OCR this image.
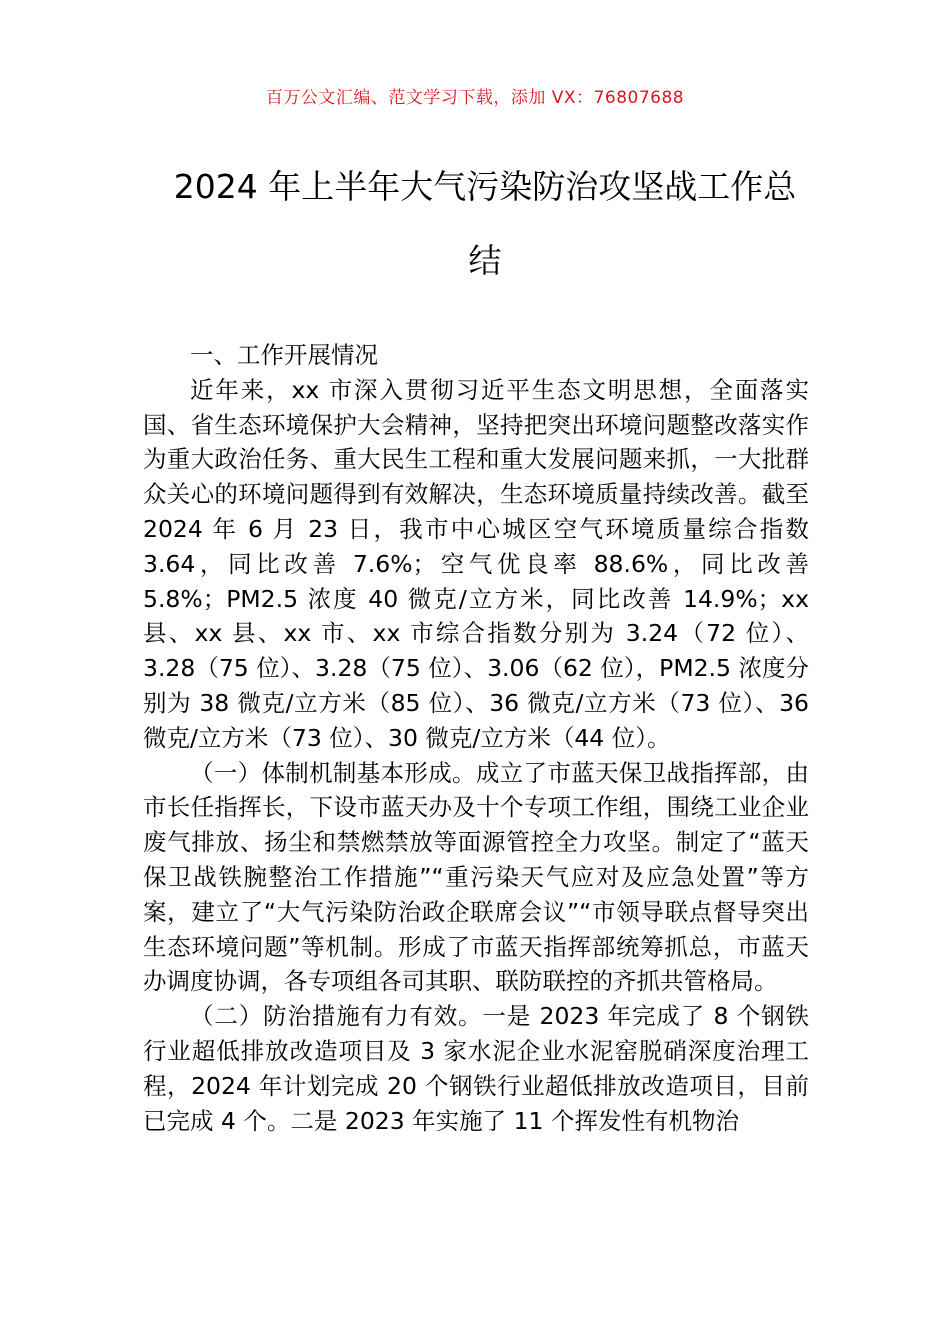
百万公文汇编、范文学习下载，添加 VX：76807688
2024 年上半年大气污染防治攻坚战工作总
结

一、工作开展情况

近年来，xx 市深入贯彻习近平生态文明思想，全面落实国、省生态环境保护大会精神，坚持把突出环境问题整改落实作为重大政治任务、重大民生工程和重大发展问题来抓，一大批群众关心的环境问题得到有效解决，生态环境质量持续改善。截至 2024 年 6 月 23 日，我市中心城区空气环境质量综合指数 3.64，同比改善 7.6%；空气优良率 88.6%，同比改善 5.8%；PM2.5 浓度 40 微克/立方米，同比改善 14.9%；xx 县、xx 县、xx 市、xx 市综合指数分别为 3.24（72 位）、3.28（75 位）、3.28（75 位）、3.06（62 位），PM2.5 浓度分别为 38 微克/立方米（85 位）、36 微克/立方米（73 位）、36 微克/立方米（73 位）、30 微克/立方米（44 位）。

（一）体制机制基本形成。成立了市蓝天保卫战指挥部，由市长任指挥长，下设市蓝天办及十个专项工作组，围绕工业企业废气排放、扬尘和禁燃禁放等面源管控全力攻坚。制定了“蓝天保卫战铁腕整治工作措施”“重污染天气应对及应急处置”等方案，建立了“大气污染防治政企联席会议”“市领导联点督导突出生态环境问题”等机制。形成了市蓝天指挥部统筹抓总，市蓝天办调度协调，各专项组各司其职、联防联控的齐抓共管格局。

（二）防治措施有力有效。一是 2023 年完成了 8 个钢铁行业超低排放改造项目及 3 家水泥企业水泥窑脱硝深度治理工程，2024 年计划完成 20 个钢铁行业超低排放改造项目，目前已完成 4 个。二是 2023 年实施了 11 个挥发性有机物治
